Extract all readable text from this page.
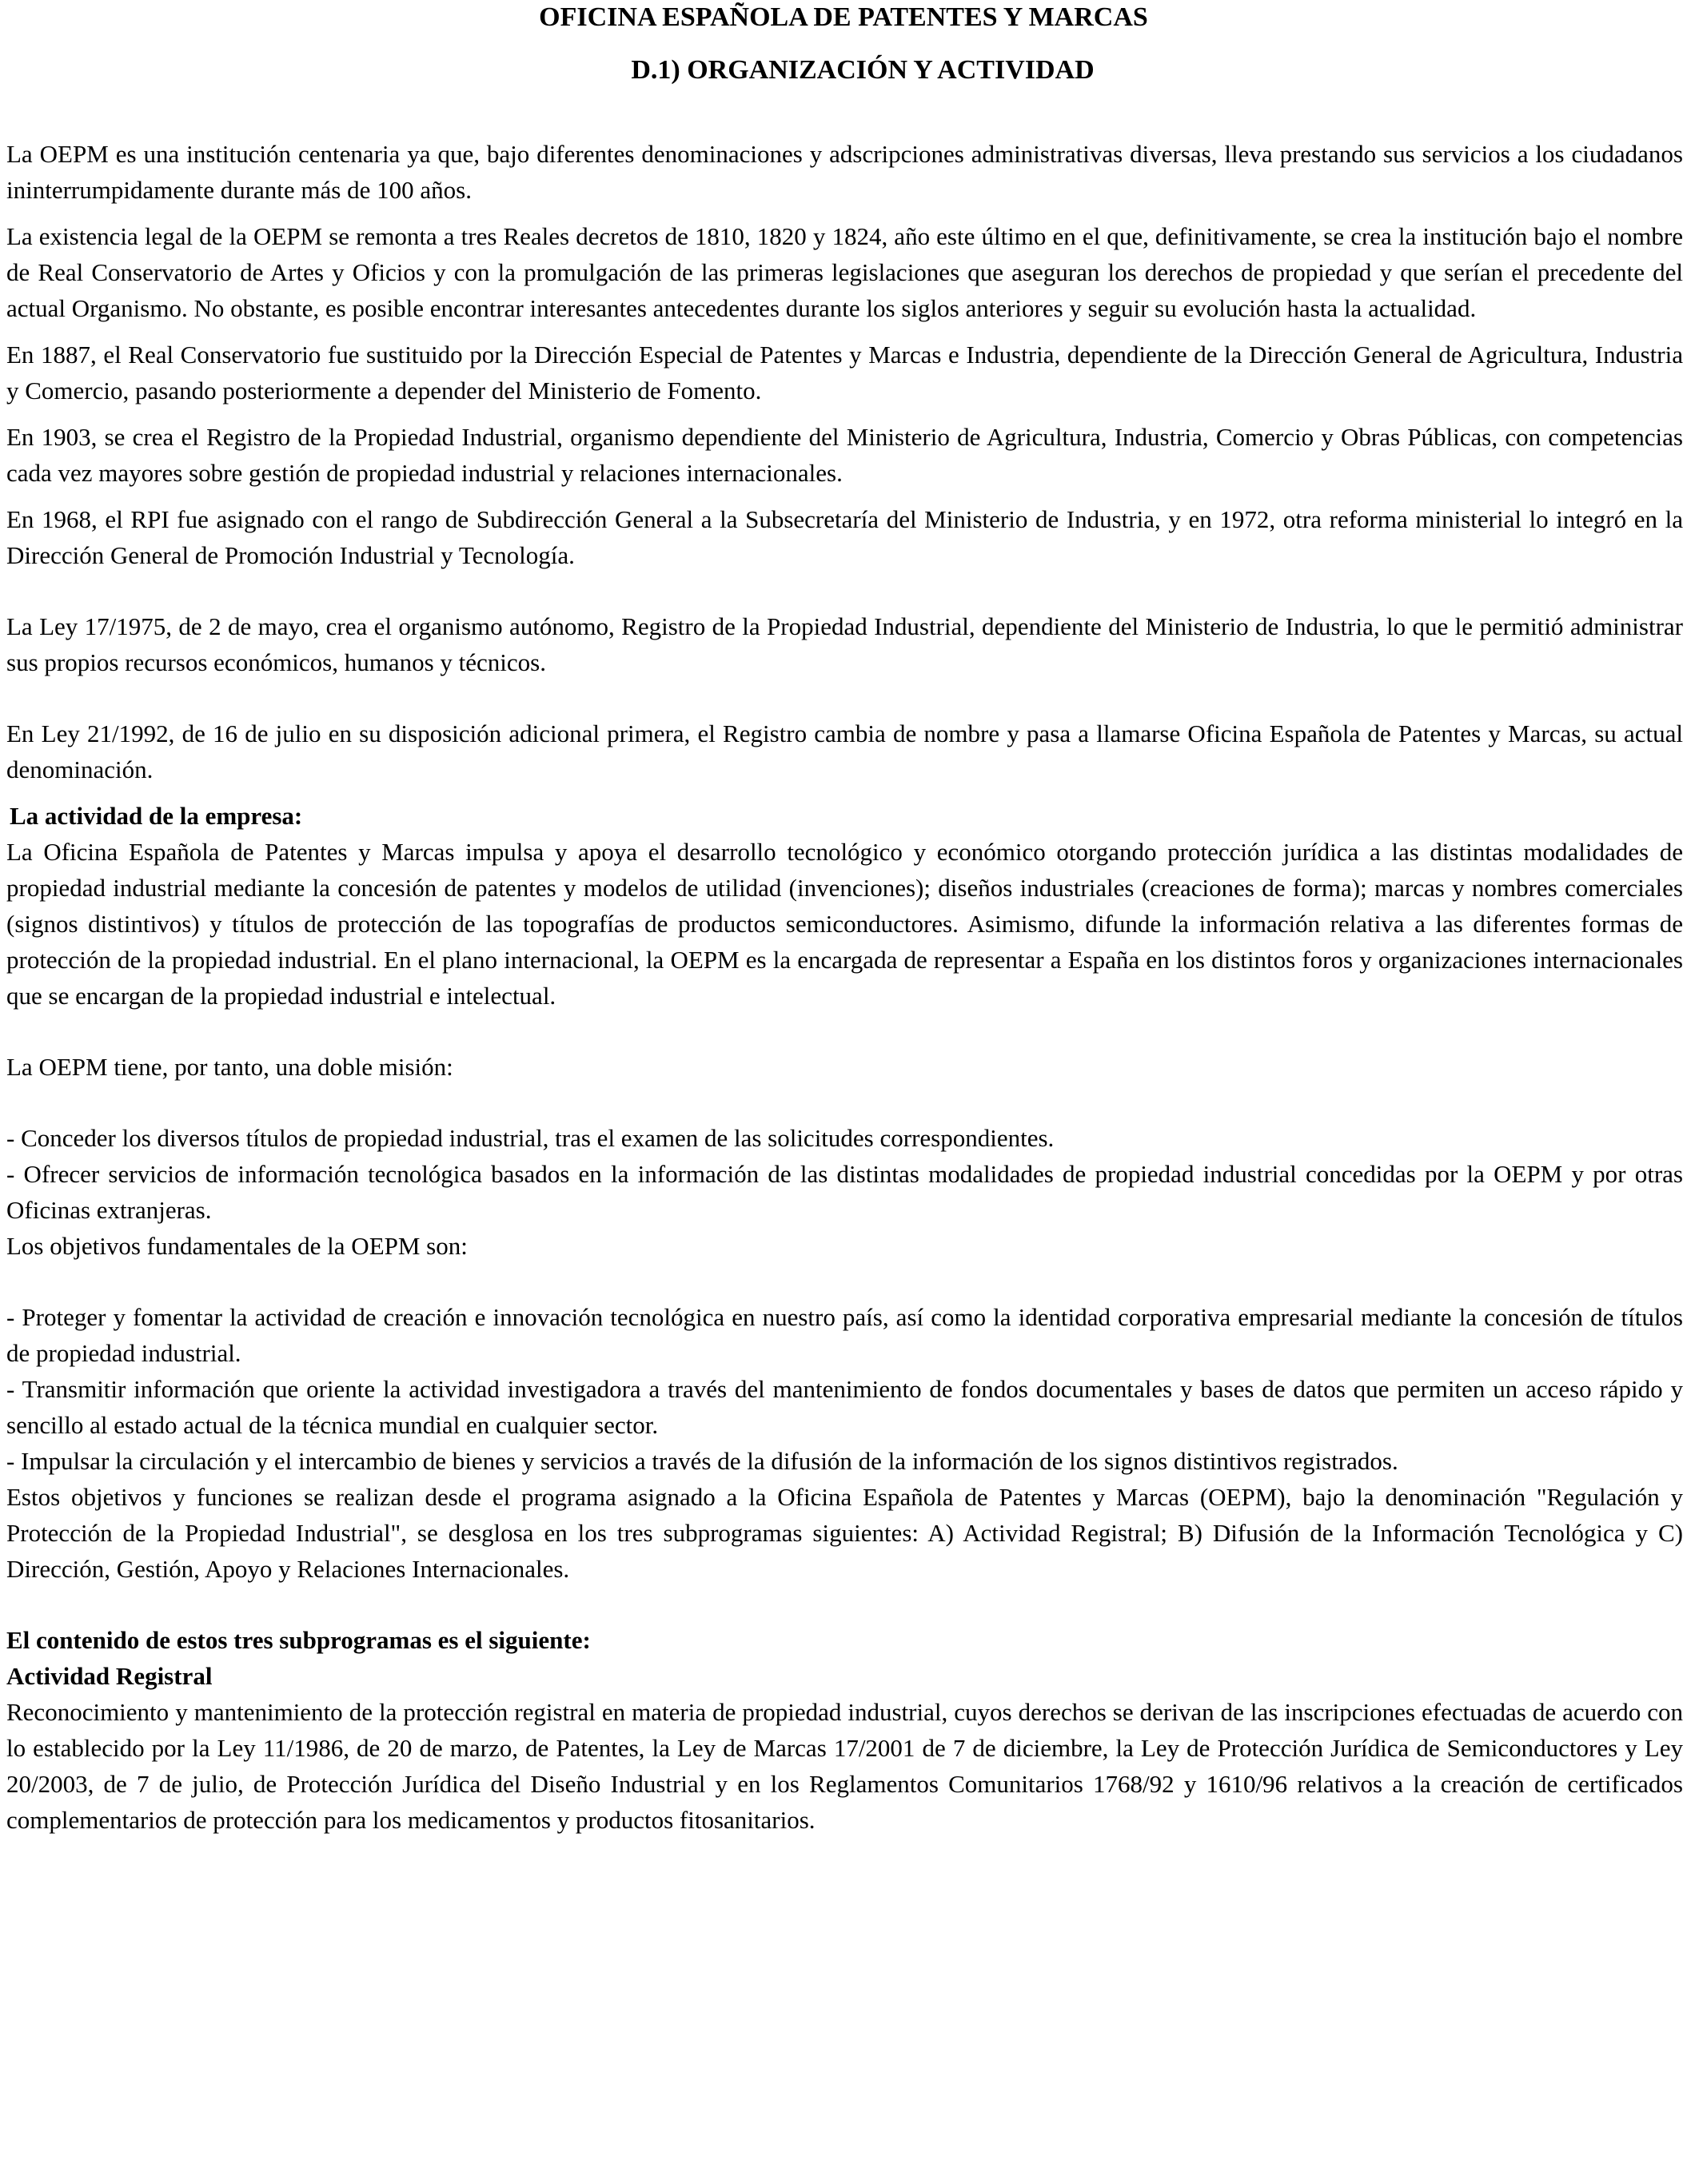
OFICINA ESPAÑOLA DE PATENTES Y MARCAS
D.1) ORGANIZACIÓN Y ACTIVIDAD

La OEPM es una institución centenaria ya que, bajo diferentes denominaciones y adscripciones administrativas diversas, lleva prestando sus servicios a los ciudadanos ininterrumpidamente durante más de 100 años.

La existencia legal de la OEPM se remonta a tres Reales decretos de 1810, 1820 y 1824, año este último en el que, definitivamente, se crea la institución bajo el nombre de Real Conservatorio de Artes y Oficios y con la promulgación de las primeras legislaciones que aseguran los derechos de propiedad y que serían el precedente del actual Organismo. No obstante, es posible encontrar interesantes antecedentes durante los siglos anteriores y seguir su evolución hasta la actualidad.

En 1887, el Real Conservatorio fue sustituido por la Dirección Especial de Patentes y Marcas e Industria, dependiente de la Dirección General de Agricultura, Industria y Comercio, pasando posteriormente a depender del Ministerio de Fomento.

En 1903, se crea el Registro de la Propiedad Industrial, organismo dependiente del Ministerio de Agricultura, Industria, Comercio y Obras Públicas, con competencias cada vez mayores sobre gestión de propiedad industrial y relaciones internacionales.

En 1968, el RPI fue asignado con el rango de Subdirección General a la Subsecretaría del Ministerio de Industria, y en 1972, otra reforma ministerial lo integró en la Dirección General de Promoción Industrial y Tecnología.

La Ley 17/1975, de 2 de mayo, crea el organismo autónomo, Registro de la Propiedad Industrial, dependiente del Ministerio de Industria, lo que le permitió administrar sus propios recursos económicos, humanos y técnicos.

En Ley 21/1992, de 16 de julio en su disposición adicional primera, el Registro cambia de nombre y pasa a llamarse Oficina Española de Patentes y Marcas, su actual denominación.

La actividad de la empresa:

La Oficina Española de Patentes y Marcas impulsa y apoya el desarrollo tecnológico y económico otorgando protección jurídica a las distintas modalidades de propiedad industrial mediante la concesión de patentes y modelos de utilidad (invenciones); diseños industriales (creaciones de forma); marcas y nombres comerciales (signos distintivos) y títulos de protección de las topografías de productos semiconductores. Asimismo, difunde la información relativa a las diferentes formas de protección de la propiedad industrial. En el plano internacional, la OEPM es la encargada de representar a España en los distintos foros y organizaciones internacionales que se encargan de la propiedad industrial e intelectual.

La OEPM tiene, por tanto, una doble misión:

- Conceder los diversos títulos de propiedad industrial, tras el examen de las solicitudes correspondientes.

- Ofrecer servicios de información tecnológica basados en la información de las distintas modalidades de propiedad industrial concedidas por la OEPM y por otras Oficinas extranjeras.

Los objetivos fundamentales de la OEPM son:

- Proteger y fomentar la actividad de creación e innovación tecnológica en nuestro país, así como la identidad corporativa empresarial mediante la concesión de títulos de propiedad industrial.

- Transmitir información que oriente la actividad investigadora a través del mantenimiento de fondos documentales y bases de datos que permiten un acceso rápido y sencillo al estado actual de la técnica mundial en cualquier sector.

- Impulsar la circulación y el intercambio de bienes y servicios a través de la difusión de la información de los signos distintivos registrados.

Estos objetivos y funciones se realizan desde el programa asignado a la Oficina Española de Patentes y Marcas (OEPM), bajo la denominación "Regulación y Protección de la Propiedad Industrial", se desglosa en los tres subprogramas siguientes: A) Actividad Registral; B) Difusión de la Información Tecnológica y C) Dirección, Gestión, Apoyo y Relaciones Internacionales.

El contenido de estos tres subprogramas es el siguiente:

Actividad Registral

Reconocimiento y mantenimiento de la protección registral en materia de propiedad industrial, cuyos derechos se derivan de las inscripciones efectuadas de acuerdo con lo establecido por la Ley 11/1986, de 20 de marzo, de Patentes, la Ley de Marcas 17/2001 de 7 de diciembre, la Ley de Protección Jurídica de Semiconductores y Ley 20/2003, de 7 de julio, de Protección Jurídica del Diseño Industrial y en los Reglamentos Comunitarios 1768/92 y 1610/96 relativos a la creación de certificados complementarios de protección para los medicamentos y productos fitosanitarios.
